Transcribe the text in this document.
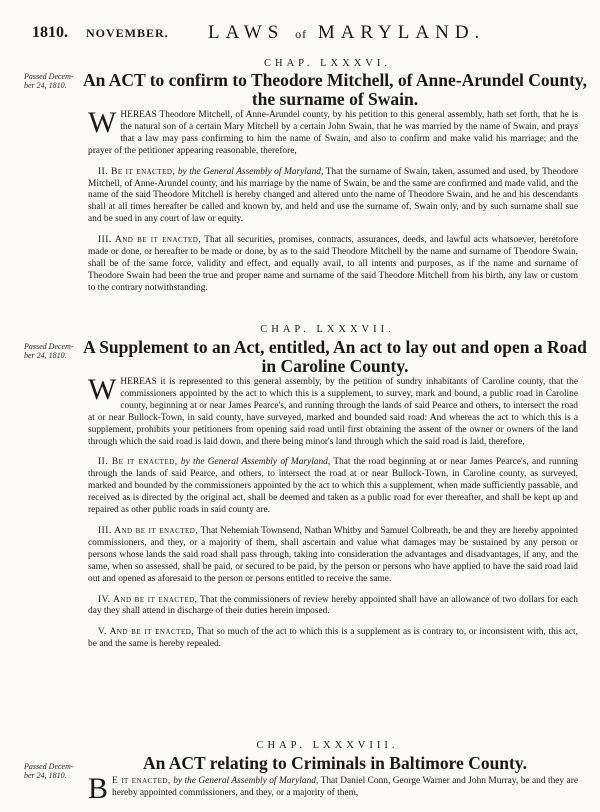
1810. NOVEMBER. LAWS of MARYLAND.
CHAP. LXXXVI.
Passed Decem-ber 24, 1810. An ACT to confirm to Theodore Mitchell, of Anne-Arundel County, the surname of Swain.

WHEREAS Theodore Mitchell, of Anne-Arundel county, by his petition to this general assembly, hath set forth, that he is the natural son of a certain Mary Mitchell by a certain John Swain, that he was married by the name of Swain, and prays that a law may pass confirming to him the name of Swain, and also to confirm and make valid his marriage; and the prayer of the petitioner appearing reasonable, therefore,

II. Be it enacted, by the General Assembly of Maryland, That the surname of Swain, taken, assumed and used, by Theodore Mitchell, of Anne-Arundel county, and his marriage by the name of Swain, be and the same are confirmed and made valid, and the name of the said Theodore Mitchell is hereby changed and altered unto the name of Theodore Swain, and he and his descendants shall at all times hereafter be called and known by, and held and use the surname of, Swain only, and by such surname shall sue and be sued in any court of law or equity.

III. And be it enacted, That all securities, promises, contracts, assurances, deeds, and lawful acts whatsoever, heretofore made or done, or hereafter to be made or done, by as to the said Theodore Mitchell by the name and surname of Theodore Swain, shall be of the same force, validity and effect, and equally avail, to all intents and purposes, as if the name and surname of Theodore Swain had been the true and proper name and surname of the said Theodore Mitchell from his birth, any law or custom to the contrary notwithstanding.

CHAP. LXXXVII.
Passed Decem-ber 24, 1810. A Supplement to an Act, entitled, An act to lay out and open a Road in Caroline County.

WHEREAS it is represented to this general assembly, by the petition of sundry inhabitants of Caroline county, that the commissioners appointed by the act to which this is a supplement, to survey, mark and bound, a public road in Caroline county, beginning at or near James Pearce's, and running through the lands of said Pearce and others, to intersect the road at or near Bullock-Town, in said county, have surveyed, marked and bounded said road: And whereas the act to which this is a supplement, prohibits your petitioners from opening said road until first obtaining the assent of the owner or owners of the land through which the said road is laid down, and there being minor's land through which the said road is laid, therefore,

II. Be it enacted, by the General Assembly of Maryland, That the road beginning at or near James Pearce's, and running through the lands of said Pearce, and others, to intersect the road at or near Bullock-Town, in Caroline county, as surveyed, marked and bounded by the commissioners appointed by the act to which this a supplement, when made sufficiently passable, and received as is directed by the original act, shall be deemed and taken as a public road for ever thereafter, and shall be kept up and repaired as other public roads in said county are.

III. And be it enacted, That Nehemiah Townsend, Nathan Whitby and Samuel Colbreath, be and they are hereby appointed commissioners, and they, or a majority of them, shall ascertain and value what damages may be sustained by any person or persons whose lands the said road shall pass through, taking into consideration the advantages and disadvantages, if any, and the same, when so assessed, shall be paid, or secured to be paid, by the person or persons who have applied to have the said road laid out and opened as aforesaid to the person or persons entitled to receive the same.

IV. And be it enacted, That the commissioners of review hereby appointed shall have an allowance of two dollars for each day they shall attend in discharge of their duties herein imposed.

V. And be it enacted, That so much of the act to which this is a supplement as is contrary to, or inconsistent with, this act, be and the same is hereby repealed.

CHAP. LXXXVIII.
Passed Decem-ber 24, 1810.
An ACT relating to Criminals in Baltimore County.

B E it enacted, by the General Assembly of Maryland, That Daniel Conn, George Warner and John Murray, be and they are hereby appointed commissioners, and they, or a majority of them,
